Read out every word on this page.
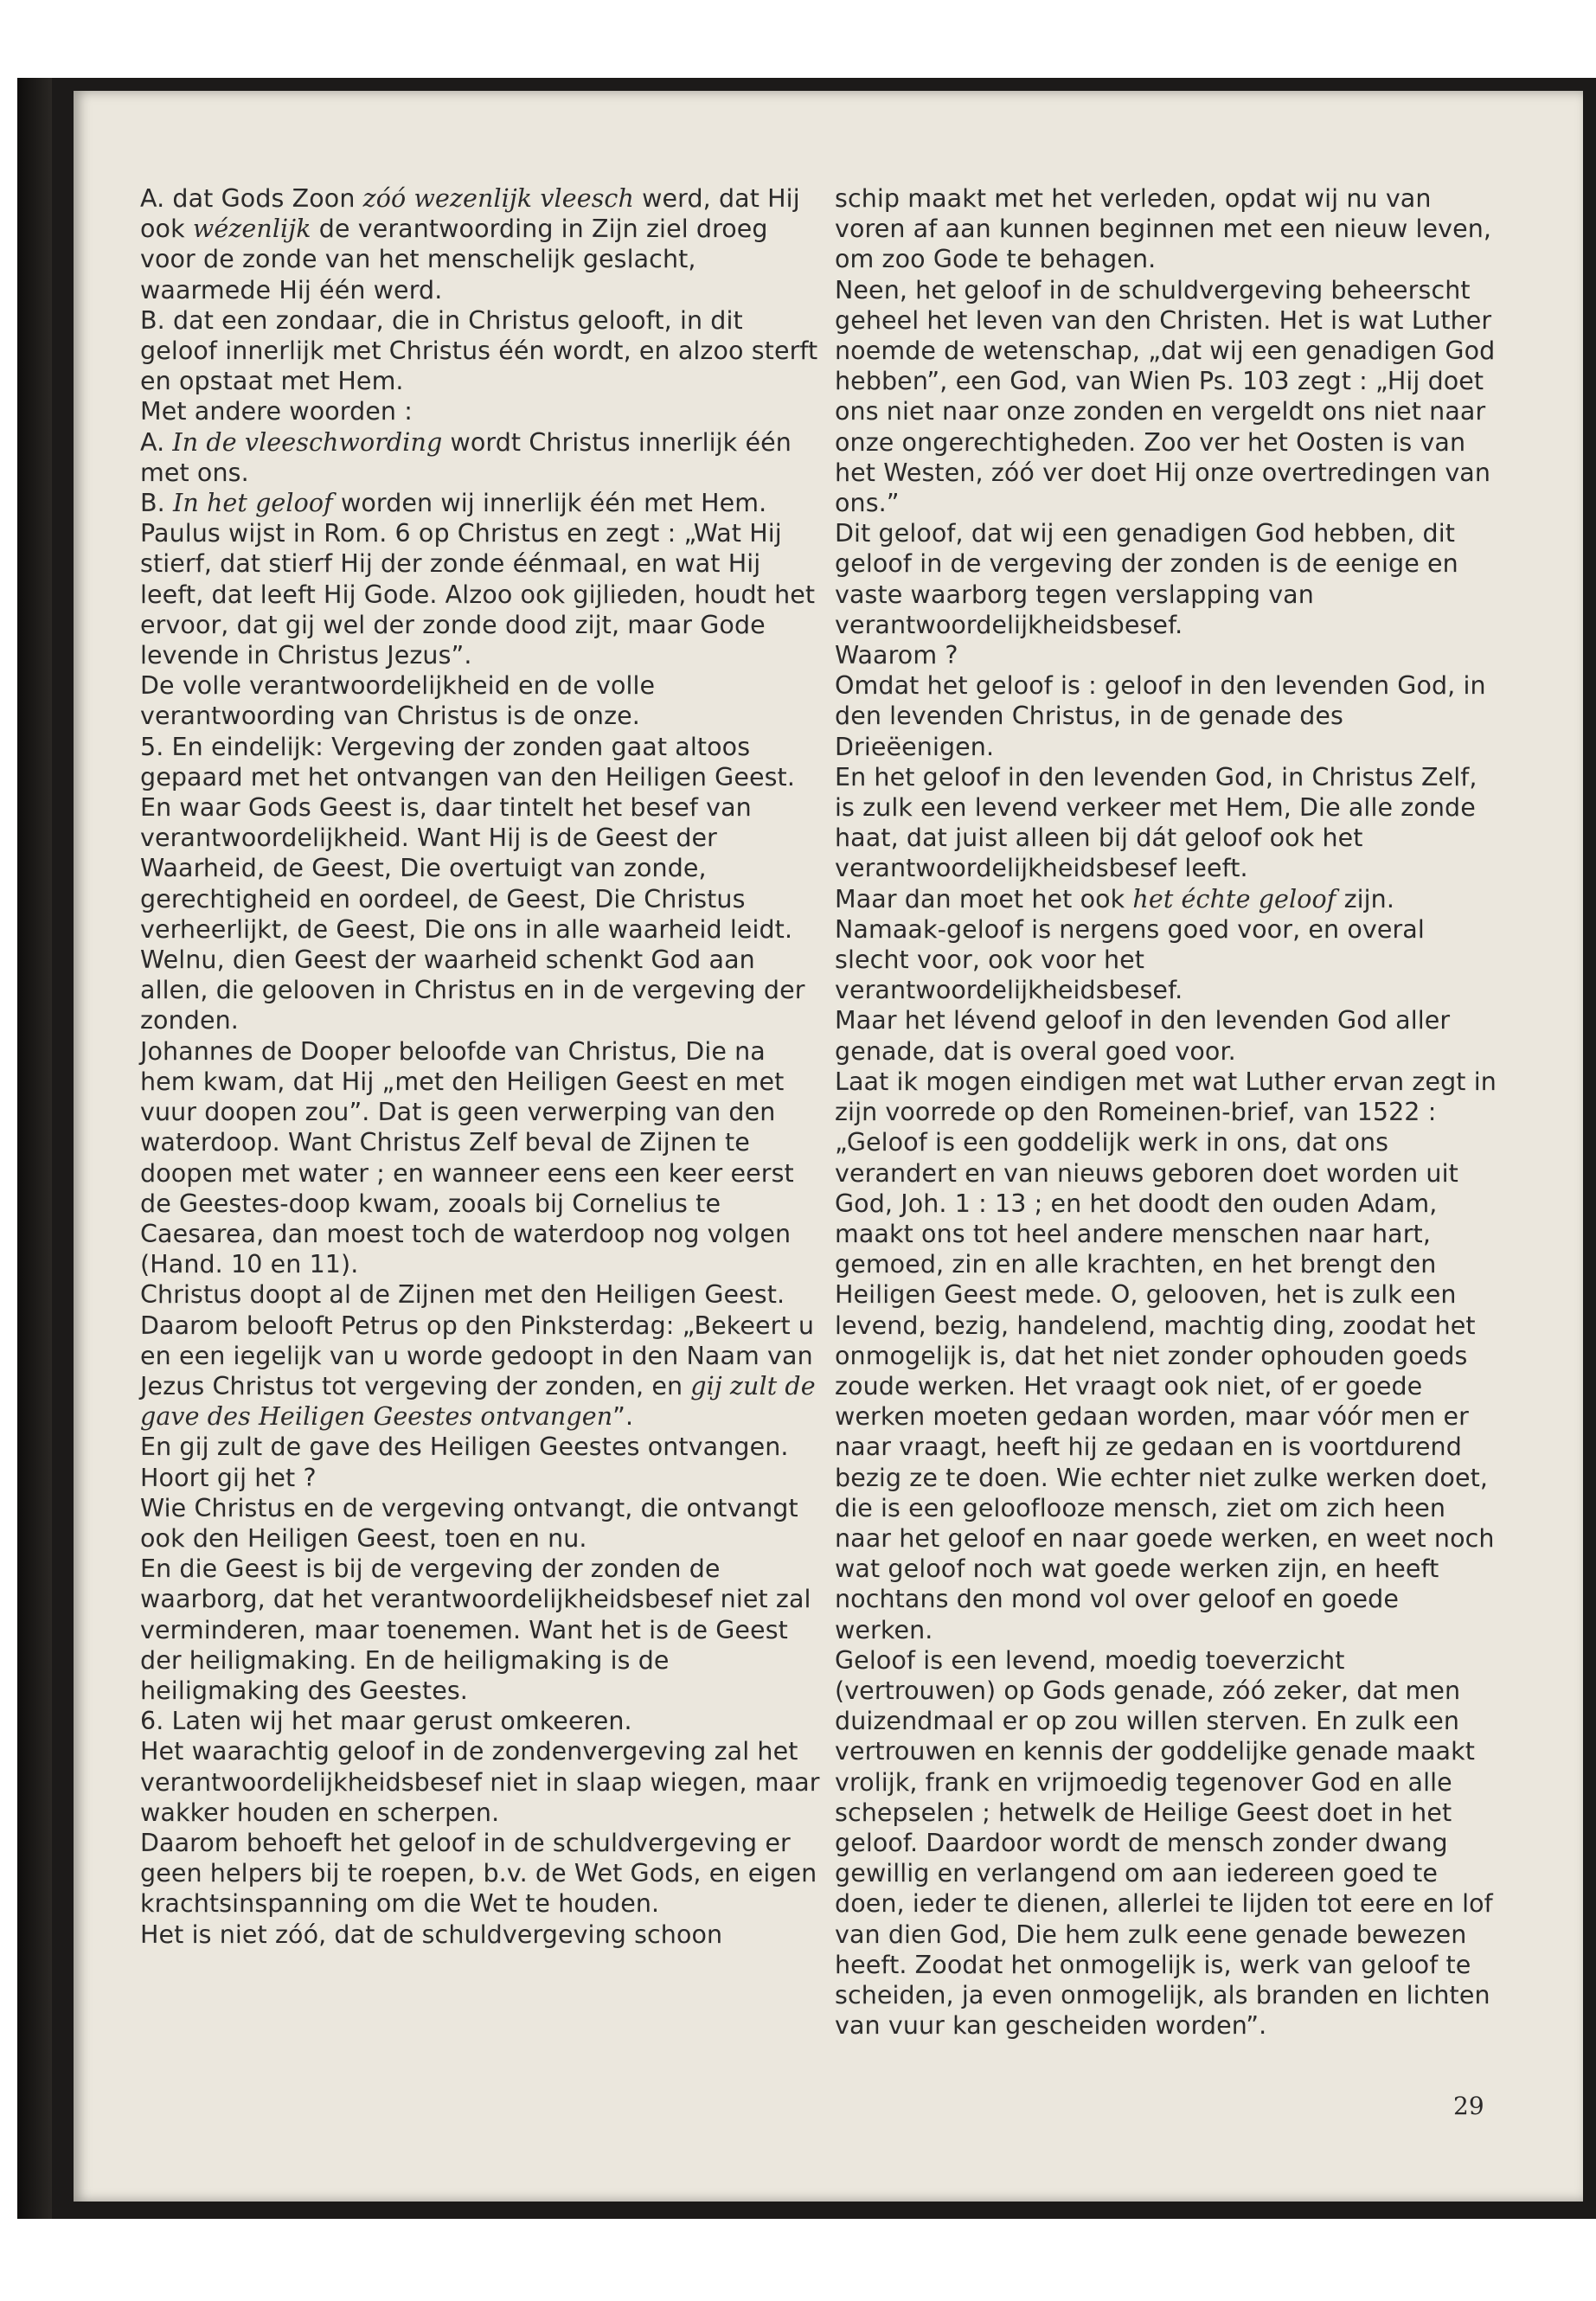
A. dat Gods Zoon zóó wezenlijk vleesch werd, dat Hij ook wézenlijk de verantwoording in Zijn ziel droeg voor de zonde van het menschelijk geslacht, waarmede Hij één werd.

B. dat een zondaar, die in Christus gelooft, in dit geloof innerlijk met Christus één wordt, en alzoo sterft en opstaat met Hem.

Met andere woorden :

A. In de vleeschwording wordt Christus innerlijk één met ons.

B. In het geloof worden wij innerlijk één met Hem.

Paulus wijst in Rom. 6 op Christus en zegt : „Wat Hij stierf, dat stierf Hij der zonde éénmaal, en wat Hij leeft, dat leeft Hij Gode. Alzoo ook gijlieden, houdt het ervoor, dat gij wel der zonde dood zijt, maar Gode levende in Christus Jezus”.

De volle verantwoordelijkheid en de volle verantwoording van Christus is de onze.

5. En eindelijk: Vergeving der zonden gaat altoos gepaard met het ontvangen van den Heiligen Geest.

En waar Gods Geest is, daar tintelt het besef van verantwoordelijkheid. Want Hij is de Geest der Waarheid, de Geest, Die overtuigt van zonde, gerechtigheid en oordeel, de Geest, Die Christus verheerlijkt, de Geest, Die ons in alle waarheid leidt.

Welnu, dien Geest der waarheid schenkt God aan allen, die gelooven in Christus en in de vergeving der zonden.

Johannes de Dooper beloofde van Christus, Die na hem kwam, dat Hij „met den Heiligen Geest en met vuur doopen zou”. Dat is geen verwerping van den waterdoop. Want Christus Zelf beval de Zijnen te doopen met water ; en wanneer eens een keer eerst de Geestes-doop kwam, zooals bij Cornelius te Caesarea, dan moest toch de waterdoop nog volgen (Hand. 10 en 11).

Christus doopt al de Zijnen met den Heiligen Geest. Daarom belooft Petrus op den Pinksterdag: „Bekeert u en een iegelijk van u worde gedoopt in den Naam van Jezus Christus tot vergeving der zonden, en gij zult de gave des Heiligen Geestes ontvangen”.

En gij zult de gave des Heiligen Geestes ontvangen.

Hoort gij het ?

Wie Christus en de vergeving ontvangt, die ontvangt ook den Heiligen Geest, toen en nu.

En die Geest is bij de vergeving der zonden de waarborg, dat het verantwoordelijkheidsbesef niet zal verminderen, maar toenemen. Want het is de Geest der heiligmaking. En de heiligmaking is de heiligmaking des Geestes.

6. Laten wij het maar gerust omkeeren.

Het waarachtig geloof in de zondenvergeving zal het verantwoordelijkheidsbesef niet in slaap wiegen, maar wakker houden en scherpen.

Daarom behoeft het geloof in de schuldvergeving er geen helpers bij te roepen, b.v. de Wet Gods, en eigen krachtsinspanning om die Wet te houden.

Het is niet zóó, dat de schuldvergeving schoon

schip maakt met het verleden, opdat wij nu van voren af aan kunnen beginnen met een nieuw leven, om zoo Gode te behagen.

Neen, het geloof in de schuldvergeving beheerscht geheel het leven van den Christen. Het is wat Luther noemde de wetenschap, „dat wij een genadigen God hebben”, een God, van Wien Ps. 103 zegt : „Hij doet ons niet naar onze zonden en vergeldt ons niet naar onze ongerechtigheden. Zoo ver het Oosten is van het Westen, zóó ver doet Hij onze overtredingen van ons.”

Dit geloof, dat wij een genadigen God hebben, dit geloof in de vergeving der zonden is de eenige en vaste waarborg tegen verslapping van verantwoordelijkheidsbesef.

Waarom ?

Omdat het geloof is : geloof in den levenden God, in den levenden Christus, in de genade des Drieëenigen.

En het geloof in den levenden God, in Christus Zelf, is zulk een levend verkeer met Hem, Die alle zonde haat, dat juist alleen bij dát geloof ook het verantwoordelijkheidsbesef leeft.

Maar dan moet het ook het échte geloof zijn.

Namaak-geloof is nergens goed voor, en overal slecht voor, ook voor het verantwoordelijkheidsbesef.

Maar het lévend geloof in den levenden God aller genade, dat is overal goed voor.

Laat ik mogen eindigen met wat Luther ervan zegt in zijn voorrede op den Romeinen-brief, van 1522 : „Geloof is een goddelijk werk in ons, dat ons verandert en van nieuws geboren doet worden uit God, Joh. 1 : 13 ; en het doodt den ouden Adam, maakt ons tot heel andere menschen naar hart, gemoed, zin en alle krachten, en het brengt den Heiligen Geest mede. O, gelooven, het is zulk een levend, bezig, handelend, machtig ding, zoodat het onmogelijk is, dat het niet zonder ophouden goeds zoude werken. Het vraagt ook niet, of er goede werken moeten gedaan worden, maar vóór men er naar vraagt, heeft hij ze gedaan en is voortdurend bezig ze te doen. Wie echter niet zulke werken doet, die is een gelooflooze mensch, ziet om zich heen naar het geloof en naar goede werken, en weet noch wat geloof noch wat goede werken zijn, en heeft nochtans den mond vol over geloof en goede werken.

Geloof is een levend, moedig toeverzicht (vertrouwen) op Gods genade, zóó zeker, dat men duizendmaal er op zou willen sterven. En zulk een vertrouwen en kennis der goddelijke genade maakt vrolijk, frank en vrijmoedig tegenover God en alle schepselen ; hetwelk de Heilige Geest doet in het geloof. Daardoor wordt de mensch zonder dwang gewillig en verlangend om aan iedereen goed te doen, ieder te dienen, allerlei te lijden tot eere en lof van dien God, Die hem zulk eene genade bewezen heeft. Zoodat het onmogelijk is, werk van geloof te scheiden, ja even onmogelijk, als branden en lichten van vuur kan gescheiden worden”.

29
